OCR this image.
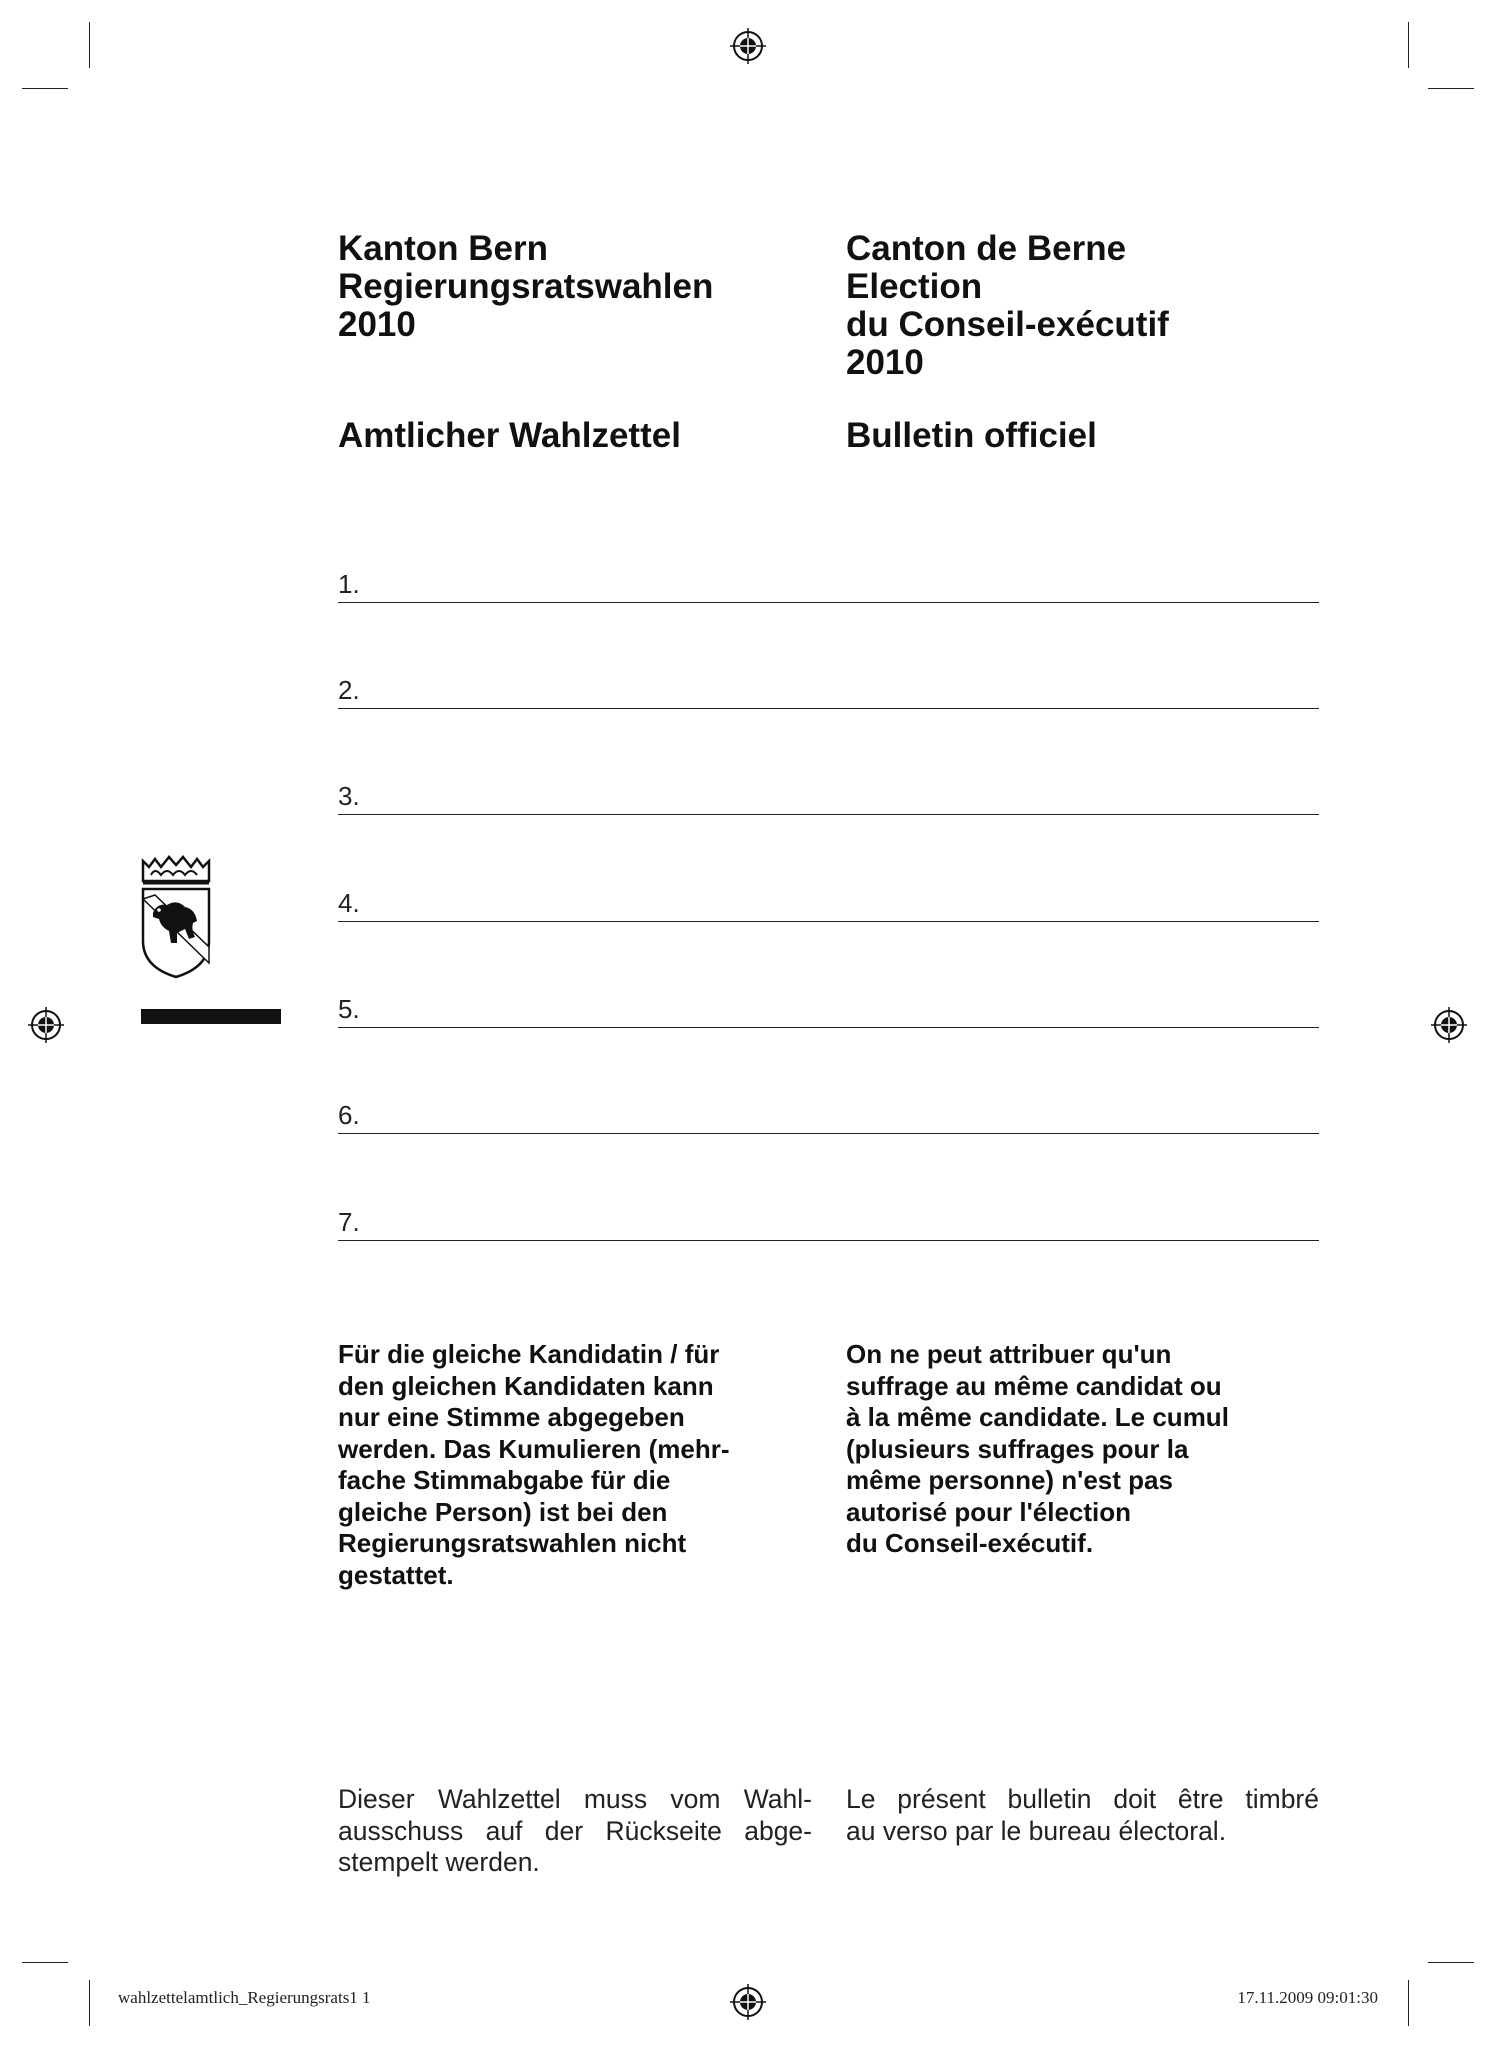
Kanton Bern
Regierungsratswahlen
2010
Amtlicher Wahlzettel
Canton de Berne
Election
du Conseil-exécutif
2010
Bulletin officiel
1.
2.
3.
4.
5.
6.
7.

Für die gleiche Kandidatin / für
den gleichen Kandidaten kann
nur eine Stimme abgegeben
werden. Das Kumulieren (mehr-
fache Stimmabgabe für die
gleiche Person) ist bei den
Regierungsratswahlen nicht
gestattet.

On ne peut attribuer qu'un
suffrage au même candidat ou
à la même candidate. Le cumul
(plusieurs suffrages pour la
même personne) n'est pas
autorisé pour l'élection
du Conseil-exécutif.

Dieser Wahlzettel muss vom Wahl-
ausschuss auf der Rückseite abge-
stempelt werden.

Le présent bulletin doit être timbré
au verso par le bureau électoral.

wahlzettelamtlich_Regierungsrats1 1	17.11.2009 09:01:30
